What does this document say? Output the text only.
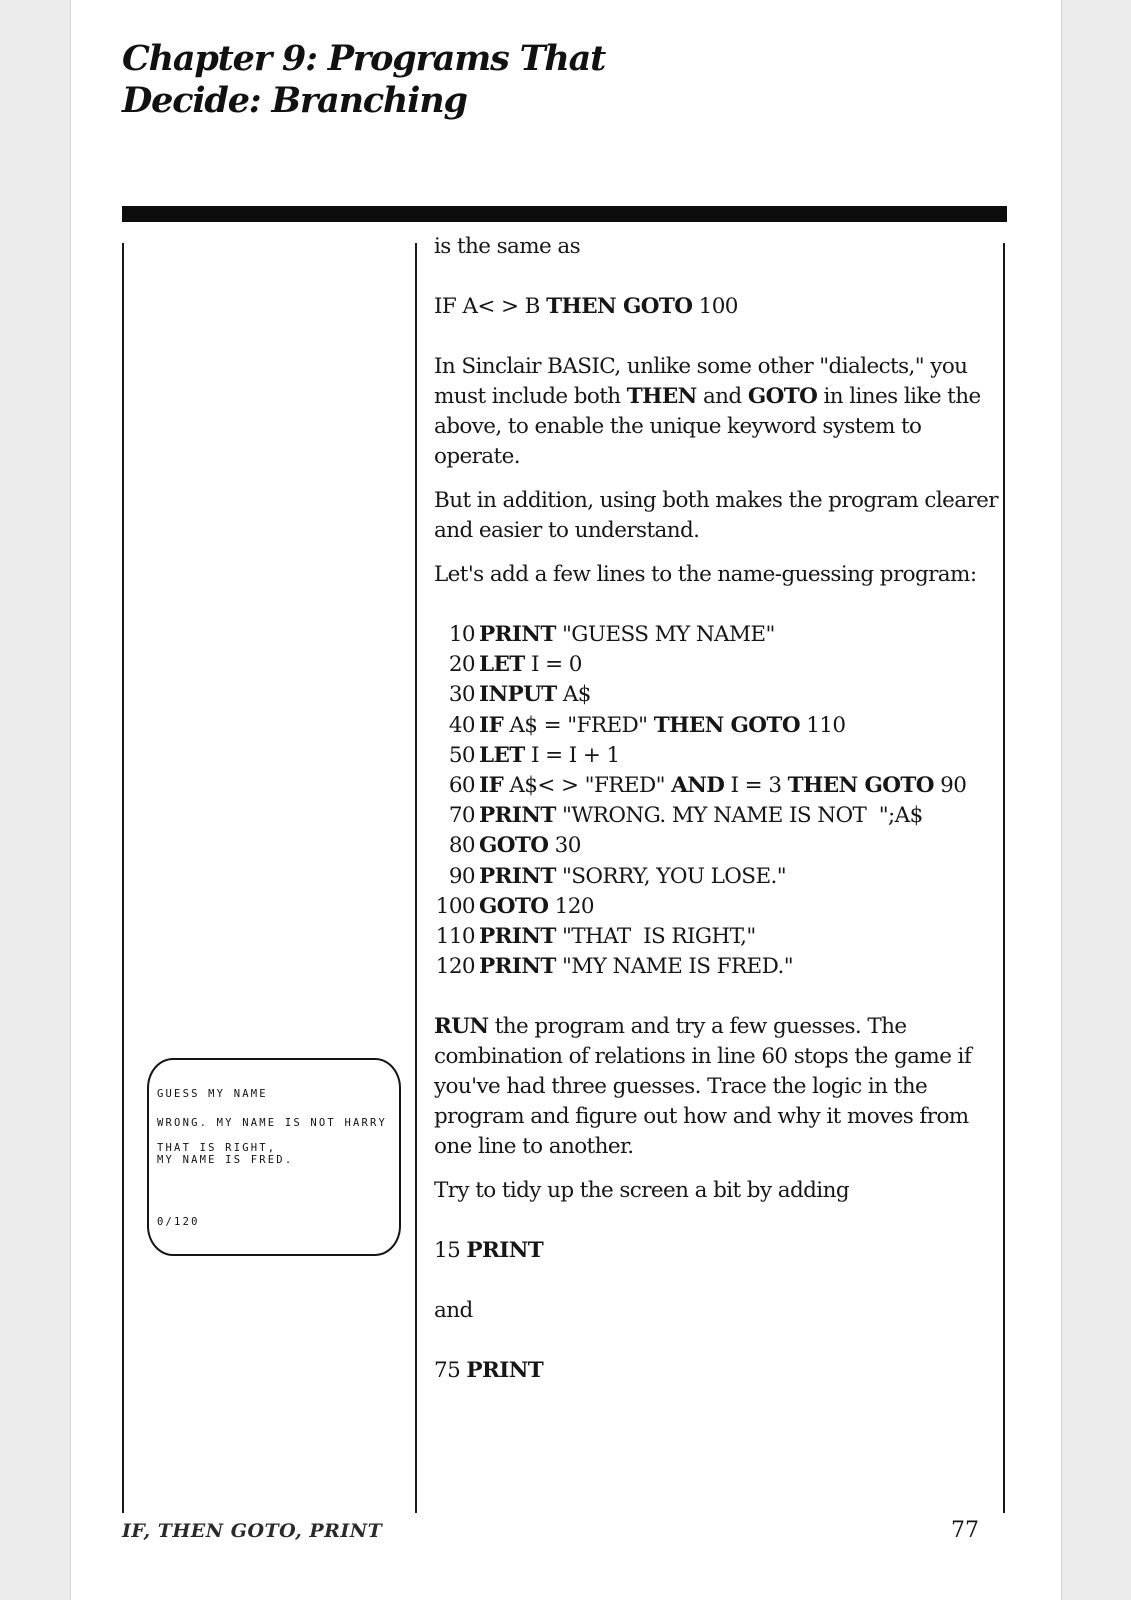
Chapter 9: Programs That
Decide: Branching
GUESS MY NAME
WRONG. MY NAME IS NOT HARRY
THAT IS RIGHT,
MY NAME IS FRED.
0/120

is the same as

IF A< > B THEN GOTO 100

In Sinclair BASIC, unlike some other "dialects," you must include both THEN and GOTO in lines like the above, to enable the unique keyword system to operate.

But in addition, using both makes the program clearer and easier to understand.

Let's add a few lines to the name-guessing program:

10 PRINT "GUESS MY NAME"
20 LET I = 0
30 INPUT A$
40 IF A$ = "FRED" THEN GOTO 110
50 LET I = I + 1
60 IF A$< > "FRED" AND I = 3 THEN GOTO 90
70 PRINT "WRONG. MY NAME IS NOT  ";A$
80 GOTO 30
90 PRINT "SORRY, YOU LOSE."
100 GOTO 120
110 PRINT "THAT  IS RIGHT,"
120 PRINT "MY NAME IS FRED."

RUN the program and try a few guesses. The combination of relations in line 60 stops the game if you've had three guesses. Trace the logic in the program and figure out how and why it moves from one line to another.

Try to tidy up the screen a bit by adding

15 PRINT

and

75 PRINT

IF, THEN GOTO, PRINT	77
